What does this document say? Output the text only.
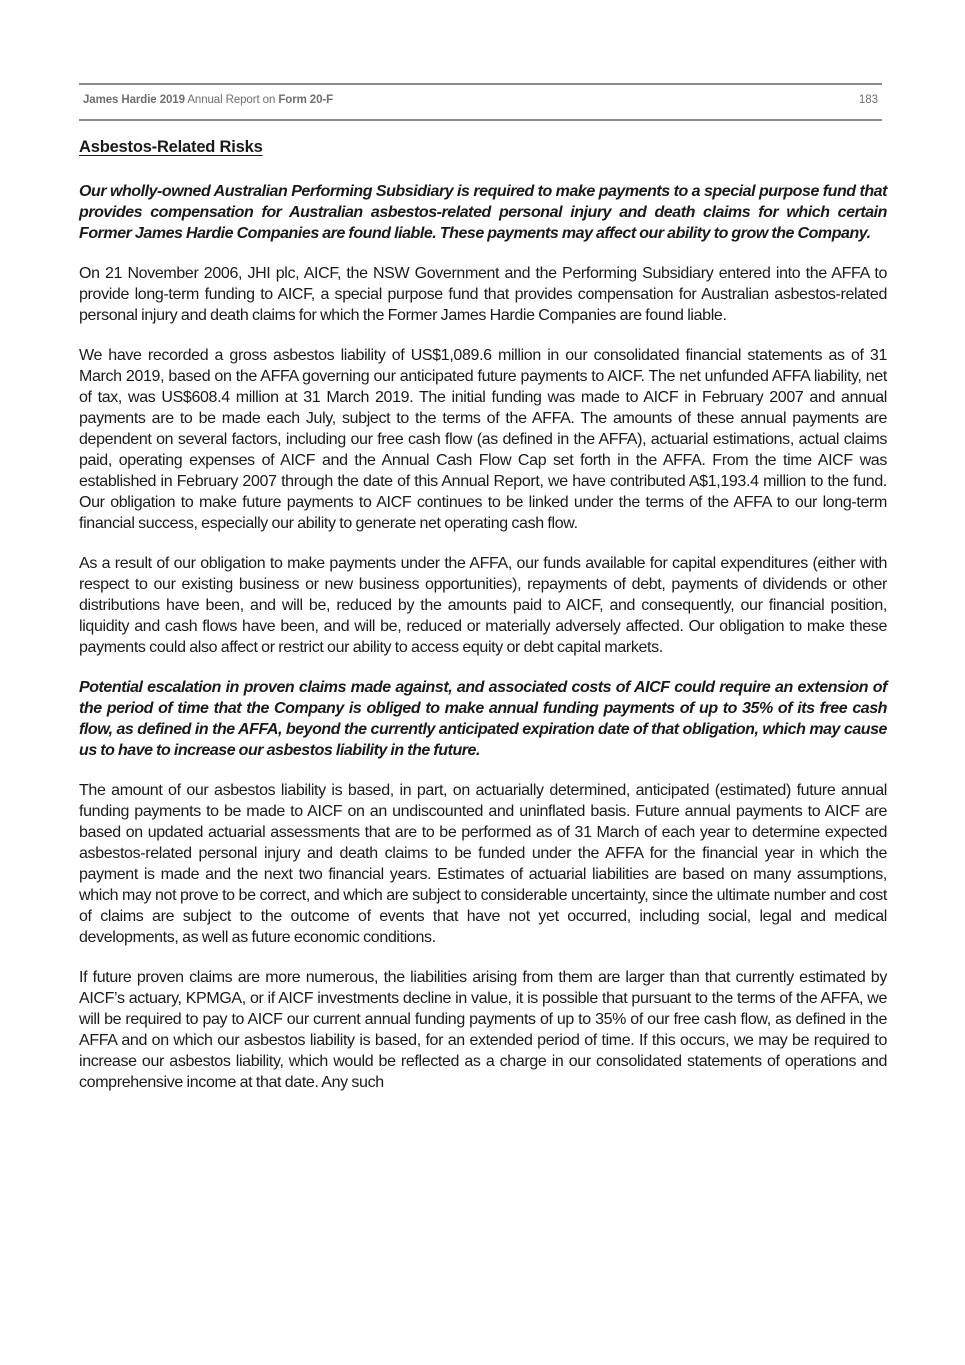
James Hardie 2019 Annual Report on Form 20-F	183
Asbestos-Related Risks

Our wholly-owned Australian Performing Subsidiary is required to make payments to a special purpose fund that provides compensation for Australian asbestos-related personal injury and death claims for which certain Former James Hardie Companies are found liable. These payments may affect our ability to grow the Company.

On 21 November 2006, JHI plc, AICF, the NSW Government and the Performing Subsidiary entered into the AFFA to provide long-term funding to AICF, a special purpose fund that provides compensation for Australian asbestos-related personal injury and death claims for which the Former James Hardie Companies are found liable.

We have recorded a gross asbestos liability of US$1,089.6 million in our consolidated financial statements as of 31 March 2019, based on the AFFA governing our anticipated future payments to AICF. The net unfunded AFFA liability, net of tax, was US$608.4 million at 31 March 2019. The initial funding was made to AICF in February 2007 and annual payments are to be made each July, subject to the terms of the AFFA. The amounts of these annual payments are dependent on several factors, including our free cash flow (as defined in the AFFA), actuarial estimations, actual claims paid, operating expenses of AICF and the Annual Cash Flow Cap set forth in the AFFA. From the time AICF was established in February 2007 through the date of this Annual Report, we have contributed A$1,193.4 million to the fund. Our obligation to make future payments to AICF continues to be linked under the terms of the AFFA to our long-term financial success, especially our ability to generate net operating cash flow.

As a result of our obligation to make payments under the AFFA, our funds available for capital expenditures (either with respect to our existing business or new business opportunities), repayments of debt, payments of dividends or other distributions have been, and will be, reduced by the amounts paid to AICF, and consequently, our financial position, liquidity and cash flows have been, and will be, reduced or materially adversely affected. Our obligation to make these payments could also affect or restrict our ability to access equity or debt capital markets.

Potential escalation in proven claims made against, and associated costs of AICF could require an extension of the period of time that the Company is obliged to make annual funding payments of up to 35% of its free cash flow, as defined in the AFFA, beyond the currently anticipated expiration date of that obligation, which may cause us to have to increase our asbestos liability in the future.

The amount of our asbestos liability is based, in part, on actuarially determined, anticipated (estimated) future annual funding payments to be made to AICF on an undiscounted and uninflated basis. Future annual payments to AICF are based on updated actuarial assessments that are to be performed as of 31 March of each year to determine expected asbestos-related personal injury and death claims to be funded under the AFFA for the financial year in which the payment is made and the next two financial years. Estimates of actuarial liabilities are based on many assumptions, which may not prove to be correct, and which are subject to considerable uncertainty, since the ultimate number and cost of claims are subject to the outcome of events that have not yet occurred, including social, legal and medical developments, as well as future economic conditions.

If future proven claims are more numerous, the liabilities arising from them are larger than that currently estimated by AICF’s actuary, KPMGA, or if AICF investments decline in value, it is possible that pursuant to the terms of the AFFA, we will be required to pay to AICF our current annual funding payments of up to 35% of our free cash flow, as defined in the AFFA and on which our asbestos liability is based, for an extended period of time. If this occurs, we may be required to increase our asbestos liability, which would be reflected as a charge in our consolidated statements of operations and comprehensive income at that date. Any such
